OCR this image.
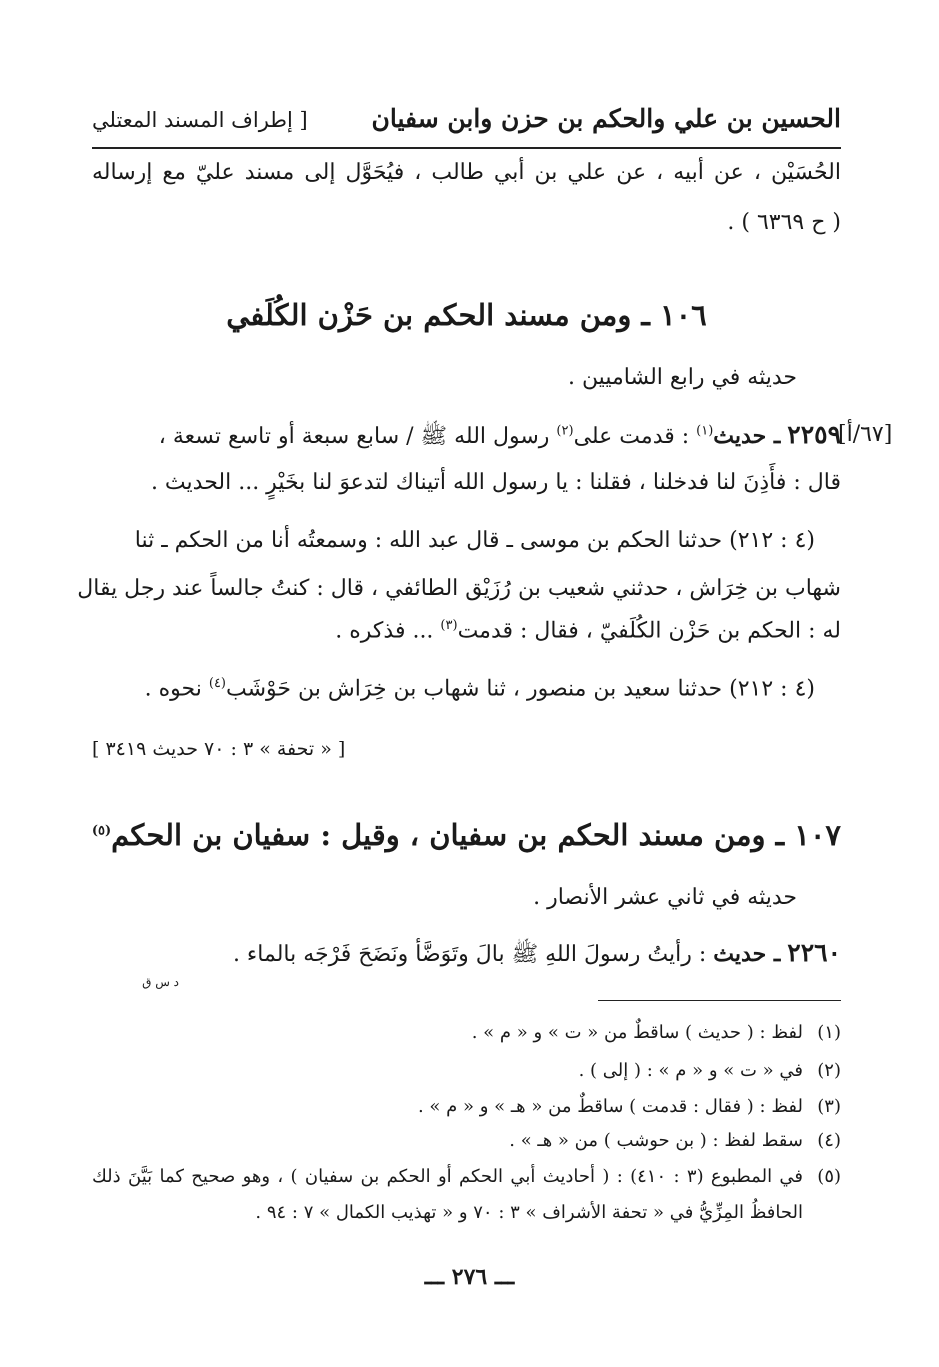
الحسين بن علي والحكم بن حزن وابن سفيان
[ إطراف المسند المعتلي
الحُسَيْن ، عن أبيه ، عن علي بن أبي طالب ، فيُحَوَّل إلى مسند عليّ مع إرساله
( ح ٦٣٦٩ ) .
١٠٦ ـ ومن مسند الحكم بن حَزْن الكُلَفي
حديثه في رابع الشاميين .
[٦٧/أ]
٢٢٥٩ ـ حديث$^{(١)}$ : قدمت على$^{(٢)}$ رسول الله ﷺ / سابع سبعة أو تاسع تسعة ،
قال : فأَذِنَ لنا فدخلنا ، فقلنا : يا رسول الله أتيناك لتدعوَ لنا بخَيْرٍ ... الحديث .
(٤ : ٢١٢) حدثنا الحكم بن موسى ـ قال عبد الله : وسمعتُه أنا من الحكم ـ ثنا
شهاب بن خِرَاش ، حدثني شعيب بن رُزَيْق الطائفي ، قال : كنتُ جالساً عند رجل يقال
له : الحكم بن حَزْن الكُلَفيّ ، فقال : قدمت$^{(٣)}$ ... فذكره .
(٤ : ٢١٢) حدثنا سعيد بن منصور ، ثنا شهاب بن خِرَاش بن حَوْشَب$^{(٤)}$ نحوه .
[ « تحفة » ٣ : ٧٠ حديث ٣٤١٩ ]
١٠٧ ـ ومن مسند الحكم بن سفيان ، وقيل : سفيان بن الحكم$^{(٥)}$
حديثه في ثاني عشر الأنصار .
٢٢٦٠ ـ حديث : رأيتُ رسولَ اللهِ ﷺ بالَ وتَوَضَّأ ونَضَحَ فَرْجَه بالماء .
د س ق
(١)لفظ : ( حديث ) ساقطٌ من « ت » و « م » .
(٢)في « ت » و « م » : ( إلى ) .
(٣)لفظ : ( فقال : قدمت ) ساقطٌ من « هـ » و « م » .
(٤)سقط لفظ : ( بن حوشب ) من « هـ » .
(٥)في المطبوع (٣ : ٤١٠) : ( أحاديث أبي الحكم أو الحكم بن سفيان ) ، وهو صحيح كما بَيَّنَ ذلك
الحافظُ المِزِّيُّ في « تحفة الأشراف » ٣ : ٧٠ و « تهذيب الكمال » ٧ : ٩٤ .
ـــ ٢٧٦ ـــ
